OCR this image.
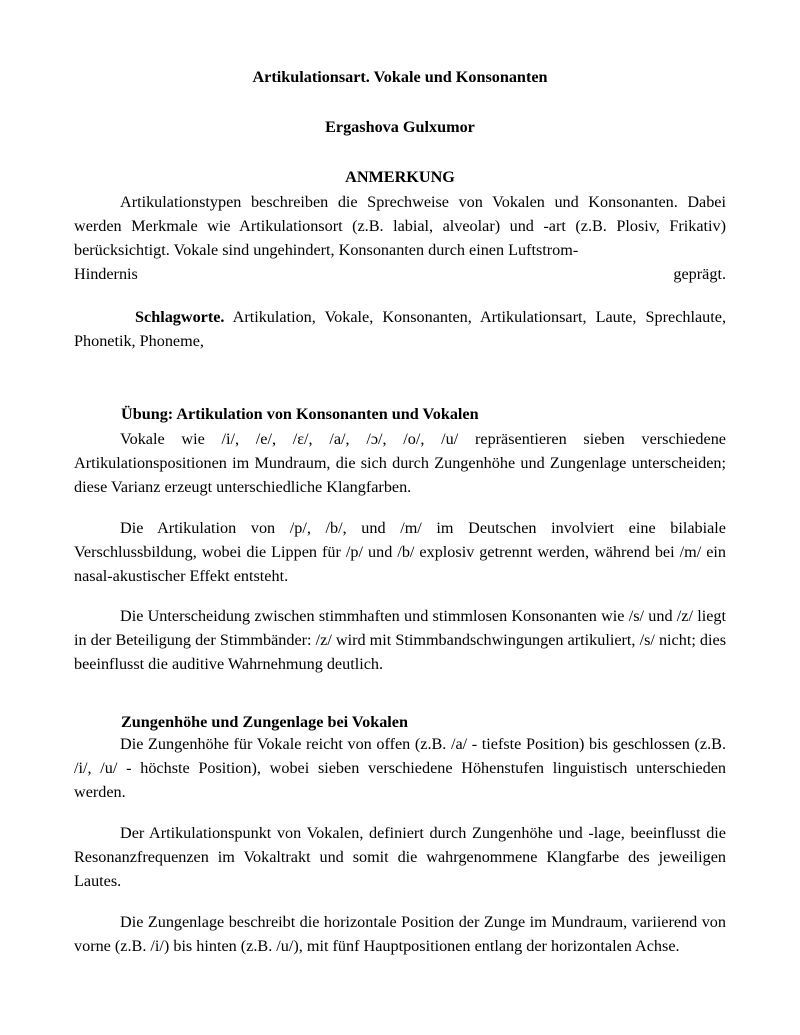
Artikulationsart. Vokale und Konsonanten
Ergashova Gulxumor
ANMERKUNG

Artikulationstypen beschreiben die Sprechweise von Vokalen und Konsonanten. Dabei werden Merkmale wie Artikulationsort (z.B. labial, alveolar) und -art (z.B. Plosiv, Frikativ) berücksichtigt. Vokale sind ungehindert, Konsonanten durch einen Luftstrom-

Hindernis geprägt.

Schlagworte. Artikulation, Vokale, Konsonanten, Artikulationsart, Laute, Sprechlaute, Phonetik, Phoneme,

Übung: Artikulation von Konsonanten und Vokalen

Vokale wie /i/, /e/, /ɛ/, /a/, /ɔ/, /o/, /u/ repräsentieren sieben verschiedene Artikulationspositionen im Mundraum, die sich durch Zungenhöhe und Zungenlage unterscheiden; diese Varianz erzeugt unterschiedliche Klangfarben.

Die Artikulation von /p/, /b/, und /m/ im Deutschen involviert eine bilabiale Verschlussbildung, wobei die Lippen für /p/ und /b/ explosiv getrennt werden, während bei /m/ ein nasal-akustischer Effekt entsteht.

Die Unterscheidung zwischen stimmhaften und stimmlosen Konsonanten wie /s/ und /z/ liegt in der Beteiligung der Stimmbänder: /z/ wird mit Stimmbandschwingungen artikuliert, /s/ nicht; dies beeinflusst die auditive Wahrnehmung deutlich.

Zungenhöhe und Zungenlage bei Vokalen

Die Zungenhöhe für Vokale reicht von offen (z.B. /a/ - tiefste Position) bis geschlossen (z.B. /i/, /u/ - höchste Position), wobei sieben verschiedene Höhenstufen linguistisch unterschieden werden.

Der Artikulationspunkt von Vokalen, definiert durch Zungenhöhe und -lage, beeinflusst die Resonanzfrequenzen im Vokaltrakt und somit die wahrgenommene Klangfarbe des jeweiligen Lautes.

Die Zungenlage beschreibt die horizontale Position der Zunge im Mundraum, variierend von vorne (z.B. /i/) bis hinten (z.B. /u/), mit fünf Hauptpositionen entlang der horizontalen Achse.
